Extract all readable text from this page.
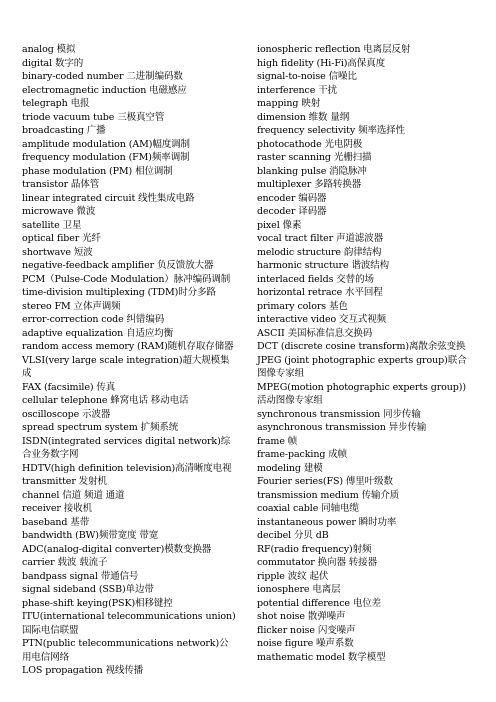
analog 模拟
digital 数字的
binary-coded number 二进制编码数
electromagnetic induction 电磁感应
telegraph 电报
triode vacuum tube 三极真空管
broadcasting 广播
amplitude modulation (AM)幅度调制
frequency modulation (FM)频率调制
phase modulation (PM) 相位调制
transistor 晶体管
linear integrated circuit 线性集成电路
microwave 微波
satellite 卫星
optical fiber 光纤
shortwave 短波
negative-feedback amplifier 负反馈放大器
PCM（Pulse-Code Modulation）脉冲编码调制
time-division multiplexing (TDM)时分多路
stereo FM 立体声调频
error-correction code 纠错编码
adaptive equalization 自适应均衡
random access memory (RAM)随机存取存储器
VLSI(very large scale integration)超大规模集成
FAX (facsimile) 传真
cellular telephone 蜂窝电话 移动电话
oscilloscope 示波器
spread spectrum system 扩频系统
ISDN(integrated services digital network)综合业务数字网
HDTV(high definition television)高清晰度电视
transmitter 发射机
channel 信道 频道 通道
receiver 接收机
baseband 基带
bandwidth (BW)频带宽度 带宽
ADC(analog-digital converter)模数变换器
carrier 载波 载流子
bandpass signal 带通信号
signal sideband (SSB)单边带
phase-shift keying(PSK)相移键控
ITU(international telecommunications union)国际电信联盟
PTN(public telecommunications network)公用电信网络
LOS propagation 视线传播
ionospheric reflection 电离层反射
high fidelity (Hi-Fi)高保真度
signal-to-noise 信噪比
interference 干扰
mapping 映射
dimension 维数 量纲
frequency selectivity 频率选择性
photocathode 光电阴极
raster scanning 光栅扫描
blanking pulse 消隐脉冲
multiplexer 多路转换器
encoder 编码器
decoder 译码器
pixel 像素
vocal tract filter 声道滤波器
melodic structure 韵律结构
harmonic structure 谐波结构
interlaced fields 交替的场
horizontal retrace 水平回程
primary colors 基色
interactive video 交互式视频
ASCII 美国标准信息交换码
DCT (discrete cosine transform)离散余弦变换
JPEG (joint photographic experts group)联合图像专家组
MPEG(motion photographic experts group)) 活动图像专家组
synchronous transmission 同步传输
asynchronous transmission 异步传输
frame 帧
frame-packing 成帧
modeling 建模
Fourier series(FS) 傅里叶级数
transmission medium 传输介质
coaxial cable 同轴电缆
instantaneous power 瞬时功率
decibel 分贝 dB
RF(radio frequency)射频
commutator 换向器 转接器
ripple 波纹 起伏
ionosphere 电离层
potential difference 电位差
shot noise 散弹噪声
flicker noise 闪变噪声
noise figure 噪声系数
mathematic model 数学模型
